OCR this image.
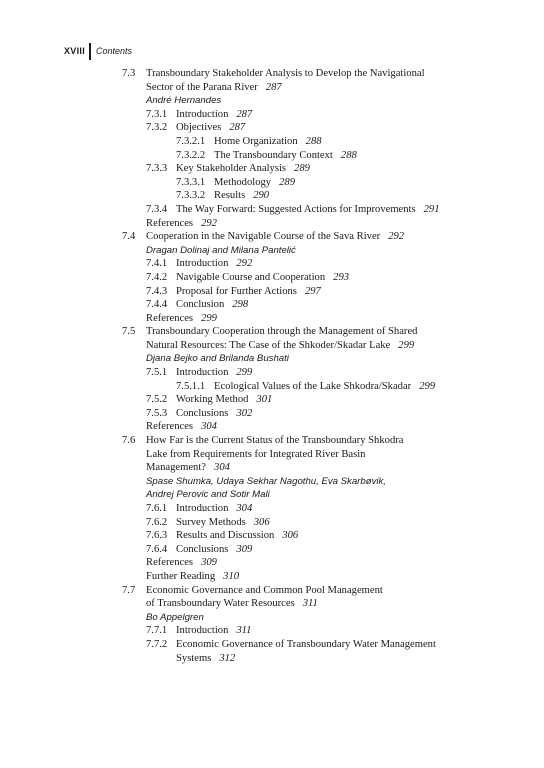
XVIII	Contents
7.3 Transboundary Stakeholder Analysis to Develop the Navigational
Sector of the Parana River 287
André Hernandes
7.3.1 Introduction 287
7.3.2 Objectives 287
7.3.2.1 Home Organization 288
7.3.2.2 The Transboundary Context 288
7.3.3 Key Stakeholder Analysis 289
7.3.3.1 Methodology 289
7.3.3.2 Results 290
7.3.4 The Way Forward: Suggested Actions for Improvements 291
References 292
7.4 Cooperation in the Navigable Course of the Sava River 292
Dragan Dolinaj and Milana Pantelić
7.4.1 Introduction 292
7.4.2 Navigable Course and Cooperation 293
7.4.3 Proposal for Further Actions 297
7.4.4 Conclusion 298
References 299
7.5 Transboundary Cooperation through the Management of Shared
Natural Resources: The Case of the Shkoder/Skadar Lake 299
Djana Bejko and Brilanda Bushati
7.5.1 Introduction 299
7.5.1.1 Ecological Values of the Lake Shkodra/Skadar 299
7.5.2 Working Method 301
7.5.3 Conclusions 302
References 304
7.6 How Far is the Current Status of the Transboundary Shkodra
Lake from Requirements for Integrated River Basin
Management? 304
Spase Shumka, Udaya Sekhar Nagothu, Eva Skarbøvik,
Andrej Perovic and Sotir Mali
7.6.1 Introduction 304
7.6.2 Survey Methods 306
7.6.3 Results and Discussion 306
7.6.4 Conclusions 309
References 309
Further Reading 310
7.7 Economic Governance and Common Pool Management
of Transboundary Water Resources 311
Bo Appelgren
7.7.1 Introduction 311
7.7.2 Economic Governance of Transboundary Water Management
Systems 312
